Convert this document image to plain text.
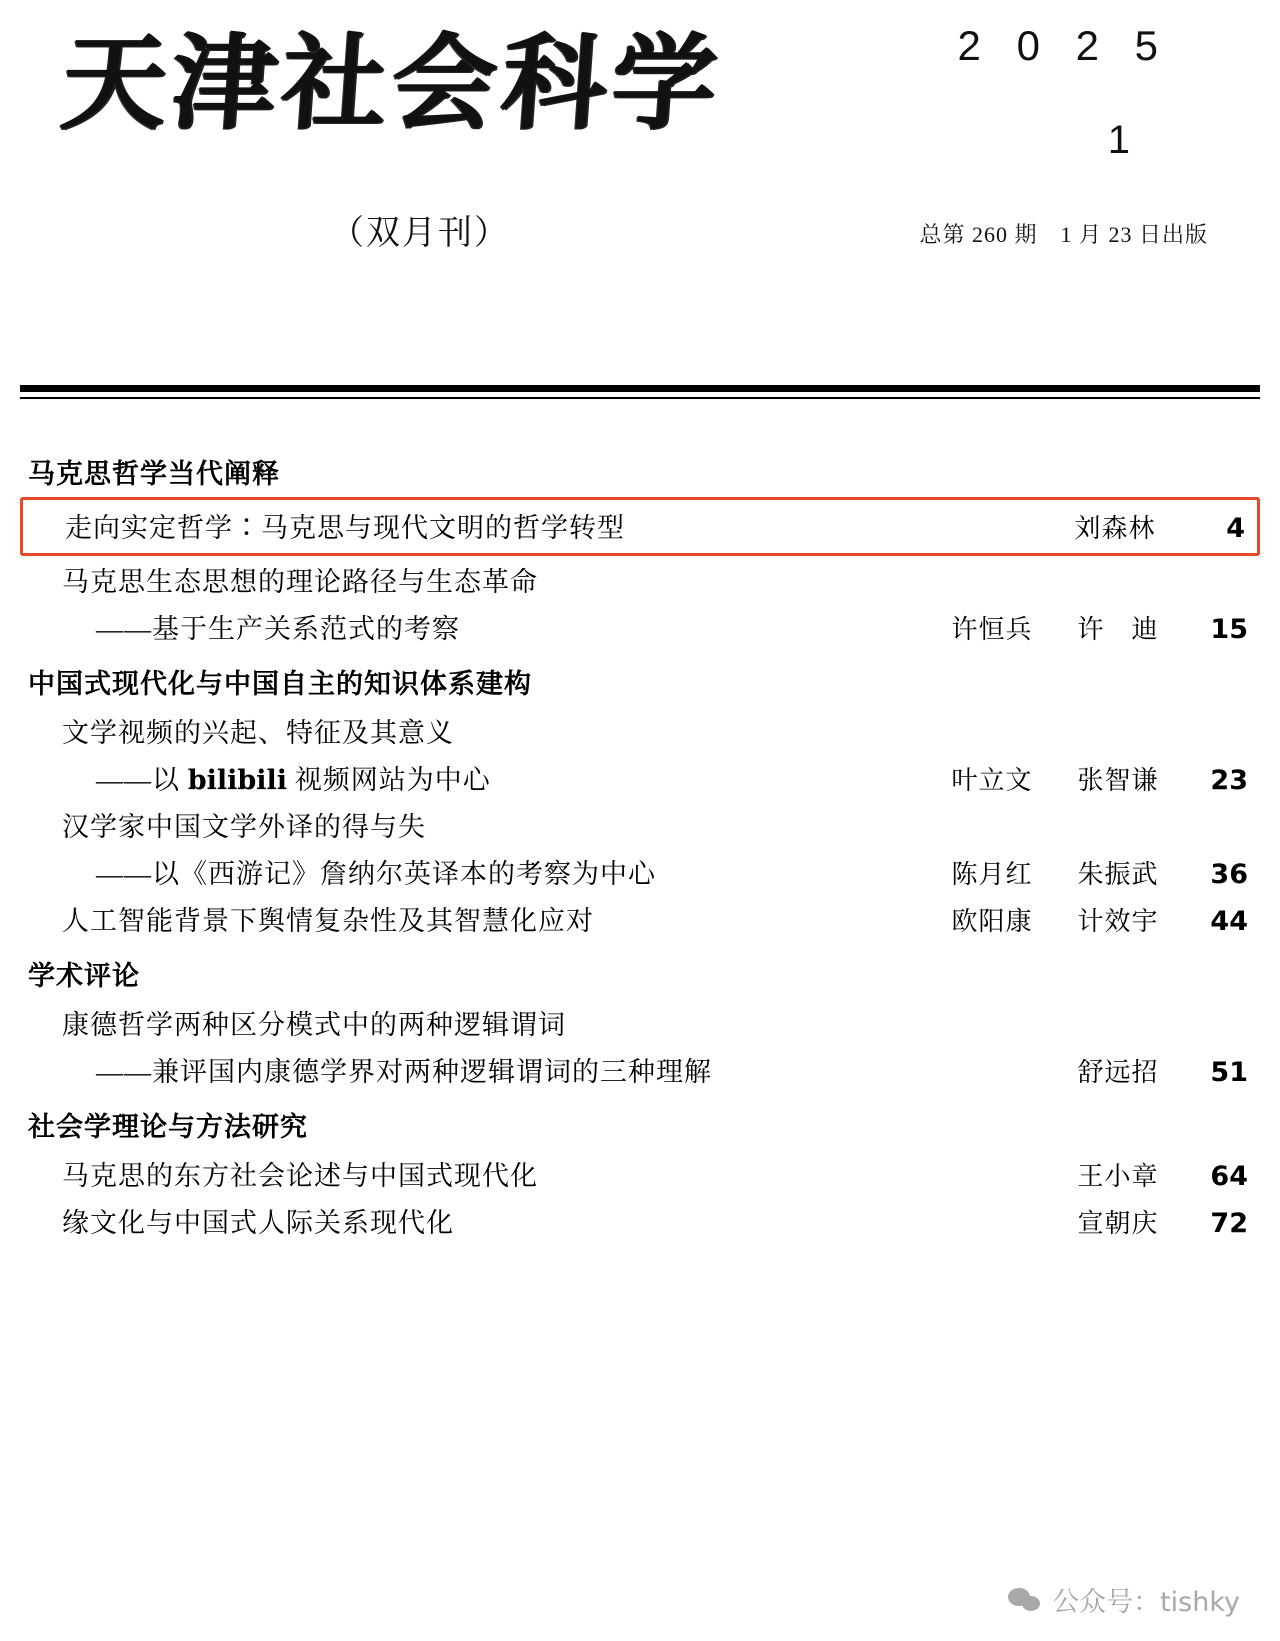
天津社会科学
（双月刊）
2 0 2 5
1
总第 260 期　1 月 23 日出版
马克思哲学当代阐释
走向实定哲学∶马克思与现代文明的哲学转型	刘森林	4
马克思生态思想的理论路径与生态革命
——基于生产关系范式的考察	许恒兵	许　迪	15
中国式现代化与中国自主的知识体系建构
文学视频的兴起、特征及其意义
——以 bilibili 视频网站为中心	叶立文	张智谦	23
汉学家中国文学外译的得与失
——以《西游记》詹纳尔英译本的考察为中心	陈月红	朱振武	36
人工智能背景下舆情复杂性及其智慧化应对	欧阳康	计效宇	44
学术评论
康德哲学两种区分模式中的两种逻辑谓词
——兼评国内康德学界对两种逻辑谓词的三种理解	舒远招	51
社会学理论与方法研究
马克思的东方社会论述与中国式现代化	王小章	64
缘文化与中国式人际关系现代化	宣朝庆	72
公众号：tishky
